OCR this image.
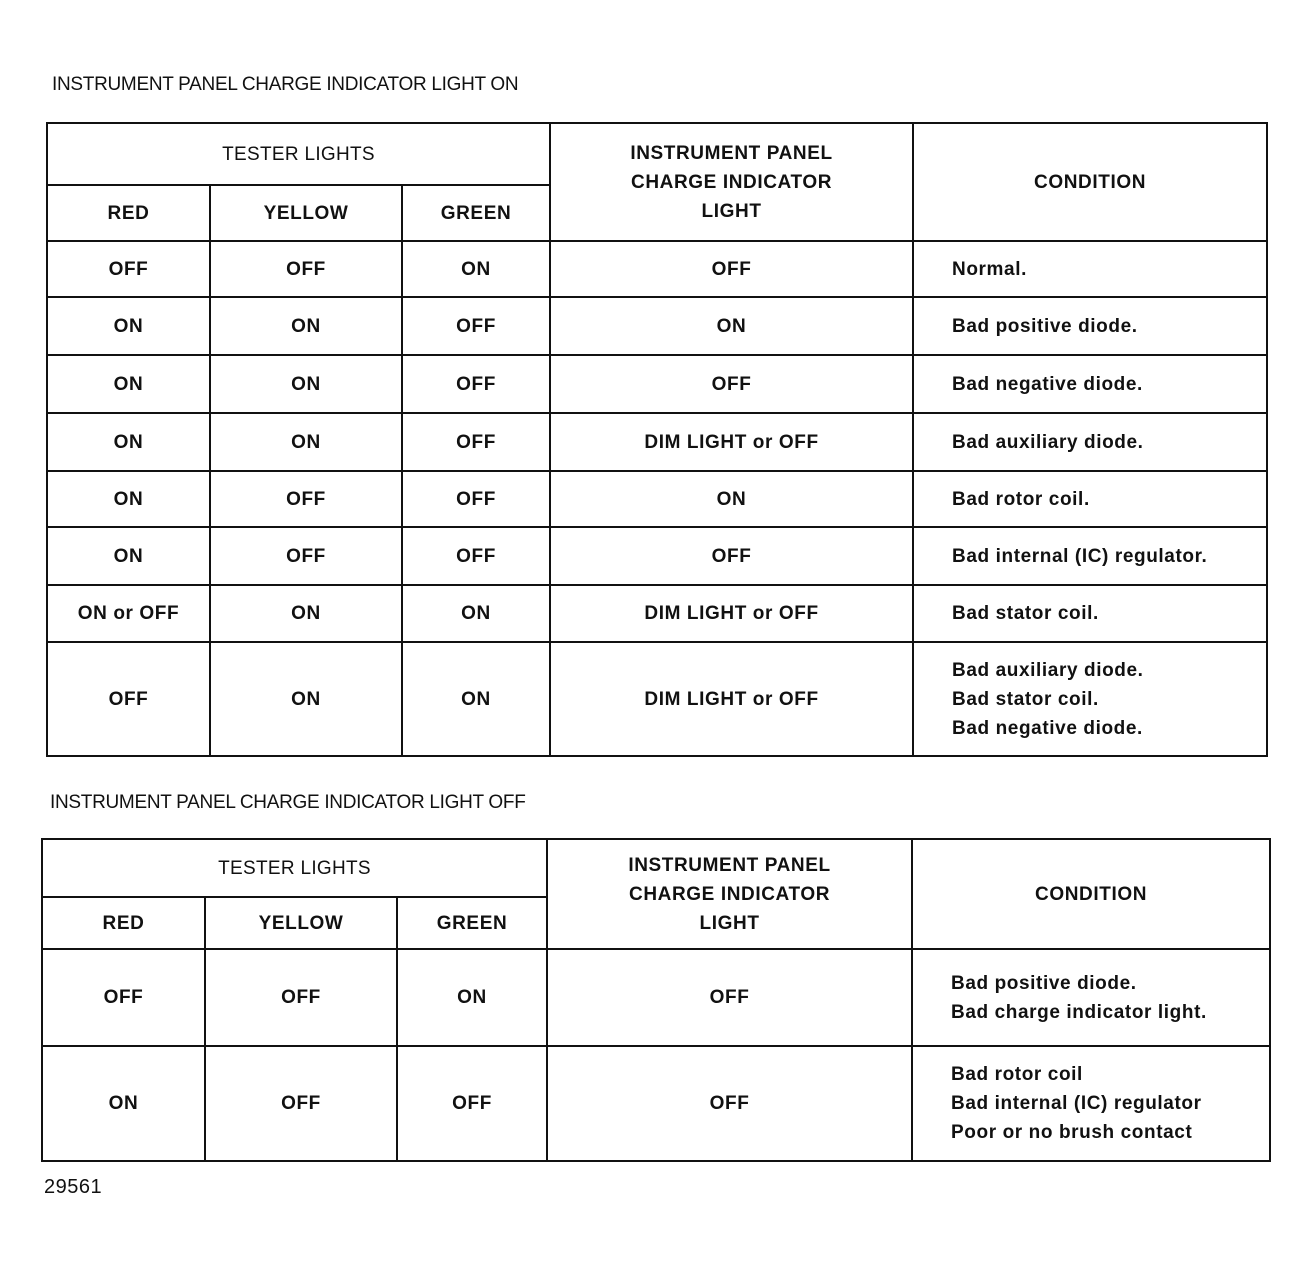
INSTRUMENT PANEL CHARGE INDICATOR LIGHT ON
TESTER LIGHTS			INSTRUMENT PANEL CHARGE INDICATOR LIGHT	CONDITION
RED	YELLOW	GREEN		
OFF	OFF	ON	OFF	Normal.

ON	ON	OFF	ON	Bad positive diode.

ON	ON	OFF	OFF	Bad negative diode.

ON	ON	OFF	DIM LIGHT or OFF	Bad auxiliary diode.

ON	OFF	OFF	ON	Bad rotor coil.

ON	OFF	OFF	OFF	Bad internal (IC) regulator.

ON or OFF	ON	ON	DIM LIGHT or OFF	Bad stator coil.

OFF	ON	ON	DIM LIGHT or OFF	Bad auxiliary diode.
Bad stator coil.
Bad negative diode.
INSTRUMENT PANEL CHARGE INDICATOR LIGHT OFF
TESTER LIGHTS			INSTRUMENT PANEL CHARGE INDICATOR LIGHT	CONDITION
RED	YELLOW	GREEN		
OFF	OFF	ON	OFF	Bad positive diode.
Bad charge indicator light.

ON	OFF	OFF	OFF	Bad rotor coil
Bad internal (IC) regulator
Poor or no brush contact
29561
